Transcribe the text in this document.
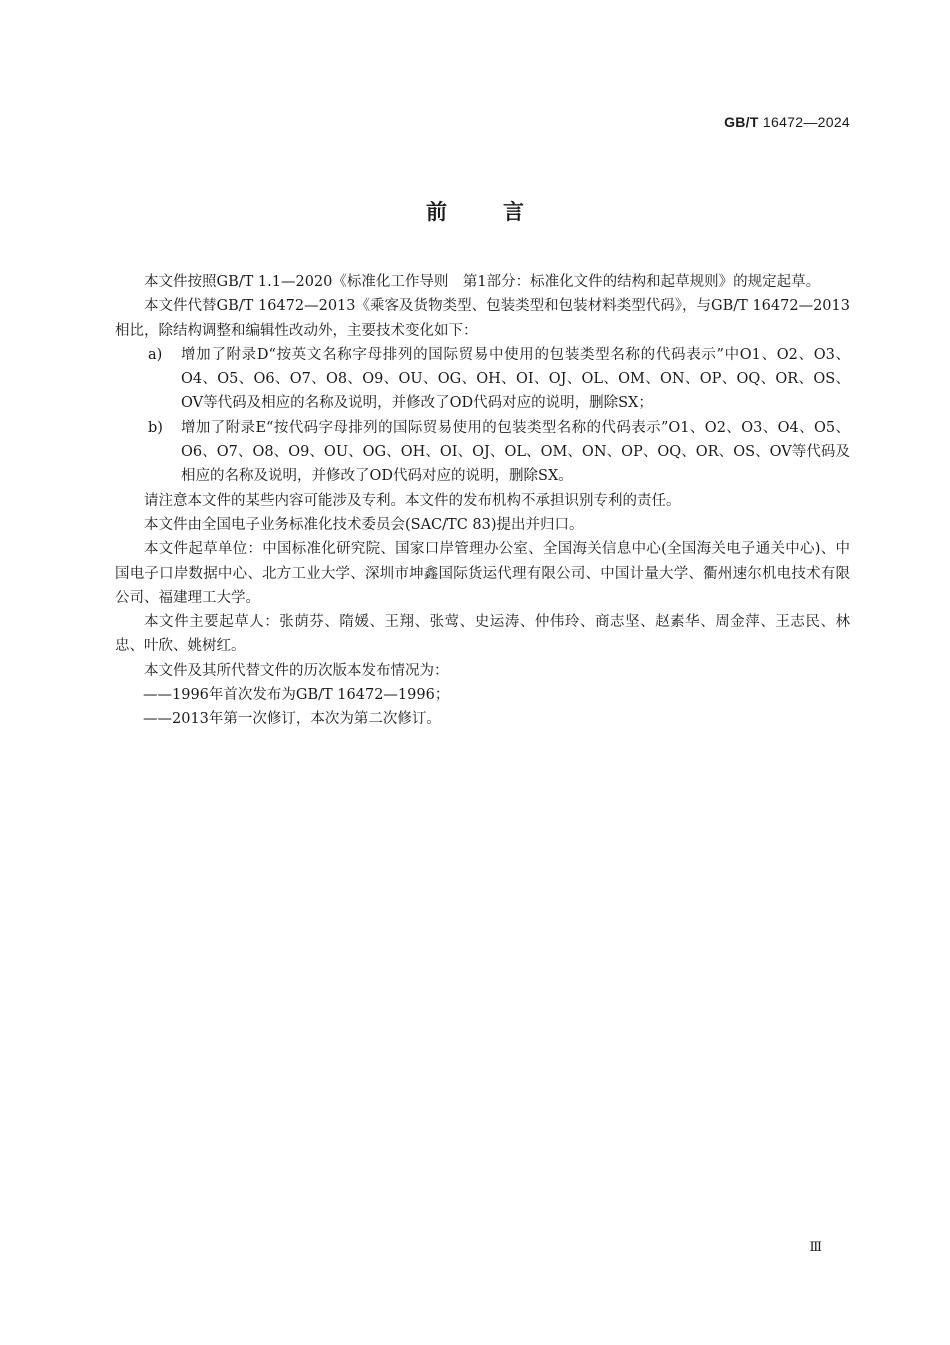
GB/T 16472—2024
前言

本文件按照GB/T 1.1—2020《标准化工作导则　第1部分：标准化文件的结构和起草规则》的规定起草。

本文件代替GB/T 16472—2013《乘客及货物类型、包装类型和包装材料类型代码》，与GB/T 16472—2013相比，除结构调整和编辑性改动外，主要技术变化如下：

a) 增加了附录D“按英文名称字母排列的国际贸易中使用的包装类型名称的代码表示”中O1、O2、O3、O4、O5、O6、O7、O8、O9、OU、OG、OH、OI、OJ、OL、OM、ON、OP、OQ、OR、OS、OV等代码及相应的名称及说明，并修改了OD代码对应的说明，删除SX；
b) 增加了附录E“按代码字母排列的国际贸易使用的包装类型名称的代码表示”O1、O2、O3、O4、O5、O6、O7、O8、O9、OU、OG、OH、OI、OJ、OL、OM、ON、OP、OQ、OR、OS、OV等代码及相应的名称及说明，并修改了OD代码对应的说明，删除SX。

请注意本文件的某些内容可能涉及专利。本文件的发布机构不承担识别专利的责任。

本文件由全国电子业务标准化技术委员会(SAC/TC 83)提出并归口。

本文件起草单位：中国标准化研究院、国家口岸管理办公室、全国海关信息中心(全国海关电子通关中心)、中国电子口岸数据中心、北方工业大学、深圳市坤鑫国际货运代理有限公司、中国计量大学、衢州速尔机电技术有限公司、福建理工大学。

本文件主要起草人：张荫芬、隋媛、王翔、张莺、史运涛、仲伟玲、商志坚、赵素华、周金萍、王志民、林忠、叶欣、姚树红。

本文件及其所代替文件的历次版本发布情况为：

——1996年首次发布为GB/T 16472—1996；

——2013年第一次修订，本次为第二次修订。

Ⅲ
